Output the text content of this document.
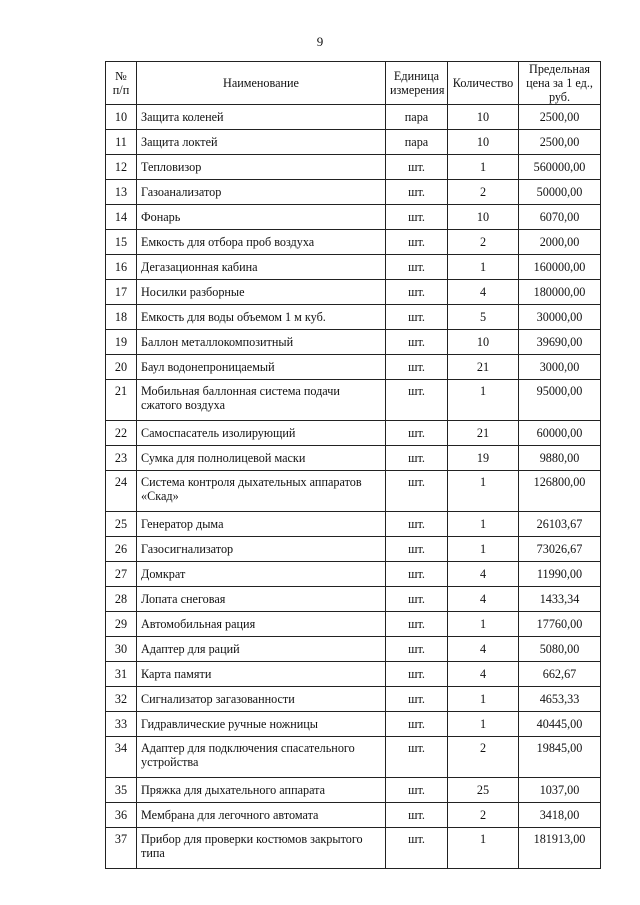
9
№ п/п	Наименование	Единица измерения	Количество	Предельная цена за 1 ед., руб.
10	Защита коленей	пара	10	2500,00
11	Защита локтей	пара	10	2500,00
12	Тепловизор	шт.	1	560000,00
13	Газоанализатор	шт.	2	50000,00
14	Фонарь	шт.	10	6070,00
15	Емкость для отбора проб воздуха	шт.	2	2000,00
16	Дегазационная кабина	шт.	1	160000,00
17	Носилки разборные	шт.	4	180000,00
18	Емкость для воды объемом 1 м куб.	шт.	5	30000,00
19	Баллон металлокомпозитный	шт.	10	39690,00
20	Баул водонепроницаемый	шт.	21	3000,00
21	Мобильная баллонная система подачи сжатого воздуха	шт.	1	95000,00
22	Самоспасатель изолирующий	шт.	21	60000,00
23	Сумка для полнолицевой маски	шт.	19	9880,00
24	Система контроля дыхательных аппаратов «Скад»	шт.	1	126800,00
25	Генератор дыма	шт.	1	26103,67
26	Газосигнализатор	шт.	1	73026,67
27	Домкрат	шт.	4	11990,00
28	Лопата снеговая	шт.	4	1433,34
29	Автомобильная рация	шт.	1	17760,00
30	Адаптер для раций	шт.	4	5080,00
31	Карта памяти	шт.	4	662,67
32	Сигнализатор загазованности	шт.	1	4653,33
33	Гидравлические ручные ножницы	шт.	1	40445,00
34	Адаптер для подключения спасательного устройства	шт.	2	19845,00
35	Пряжка для дыхательного аппарата	шт.	25	1037,00
36	Мембрана для легочного автомата	шт.	2	3418,00
37	Прибор для проверки костюмов закрытого типа	шт.	1	181913,00
